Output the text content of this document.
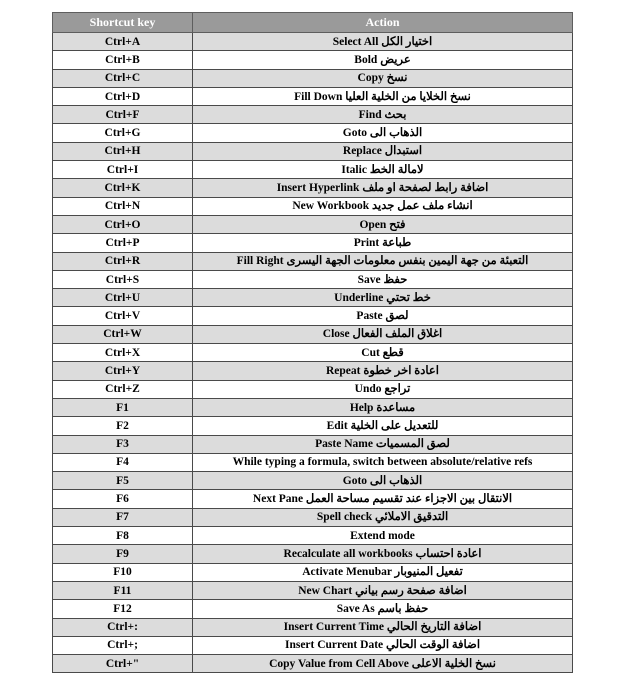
Shortcut key	Action
Ctrl+A	Select All اختيار الكل
Ctrl+B	Bold عريض
Ctrl+C	Copy نسخ
Ctrl+D	Fill Down نسخ الخلايا من الخلية العليا
Ctrl+F	Find بحث
Ctrl+G	Goto الذهاب الى
Ctrl+H	Replace استبدال
Ctrl+I	Italic لامالة الخط
Ctrl+K	Insert Hyperlink اضافة رابط لصفحة او ملف
Ctrl+N	New Workbook انشاء ملف عمل جديد
Ctrl+O	Open فتح
Ctrl+P	Print طباعة
Ctrl+R	Fill Right التعبئة من جهة اليمين بنفس معلومات الجهة اليسرى
Ctrl+S	Save حفظ
Ctrl+U	Underline خط تحتي
Ctrl+V	Paste لصق
Ctrl+W	Close اغلاق الملف الفعال
Ctrl+X	Cut قطع
Ctrl+Y	Repeat اعادة اخر خطوة
Ctrl+Z	Undo تراجع
F1	Help مساعدة
F2	Edit للتعديل على الخلية
F3	Paste Name لصق المسميات
F4	While typing a formula, switch between absolute/relative refs
F5	Goto الذهاب الى
F6	Next Pane الانتقال بين الاجزاء عند تقسيم مساحة العمل
F7	Spell check التدقيق الاملائي
F8	Extend mode
F9	Recalculate all workbooks اعادة احتساب
F10	Activate Menubar تفعيل المنيوبار
F11	New Chart اضافة صفحة رسم بياني
F12	Save As حفظ باسم
Ctrl+:	Insert Current Time اضافة التاريخ الحالي
Ctrl+;	Insert Current Date اضافة الوقت الحالي
Ctrl+"	Copy Value from Cell Above نسخ الخلية الاعلى
